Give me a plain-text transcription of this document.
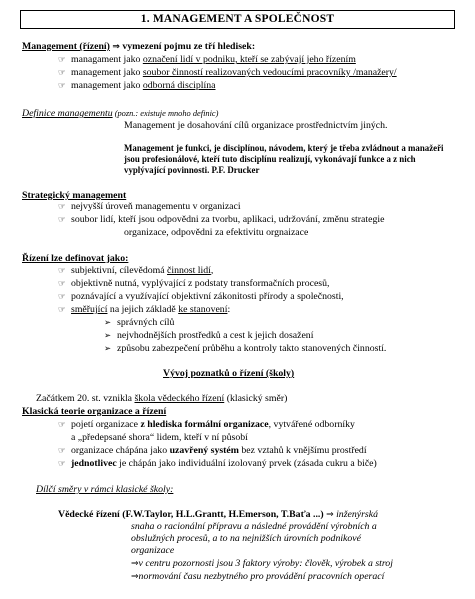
1. MANAGEMENT A SPOLEČNOST
Management (řízení) ⇒ vymezení pojmu ze tří hledisek:
☞ managament jako označení lidí v podniku, kteří se zabývají jeho řízením
☞ management jako soubor činností realizovaných vedoucími pracovníky /manažery/
☞ management jako odborná disciplína
Definice managementu (pozn.: existuje mnoho definic)
Management je dosahování cílů organizace prostřednictvím jiných.
Management je funkci, je disciplínou, návodem, který je třeba zvládnout a manažeři jsou profesionálové, kteří tuto disciplínu realizují, vykonávají funkce a z nich vyplývající povinnosti. P.F. Drucker
Strategický management
☞ nejvyšší úroveň managementu v organizaci
☞ soubor lidí, kteří jsou odpovědni za tvorbu, aplikaci, udržování, změnu strategie
organizace, odpovědni za efektivitu orgnaizace
Řízení lze definovat jako:
☞ subjektivní, cílevědomá činnost lidí,
☞ objektivně nutná, vyplývající z podstaty transformačních procesů,
☞ poznávající a využívající objektivní zákonitosti přírody a společnosti,
☞ směřující na jejich základě ke stanovení:
➢ správných cílů
➢ nejvhodnějších prostředků a cest k jejich dosažení
➢ způsobu zabezpečení průběhu a kontroly takto stanovených činností.
Vývoj poznatků o řízení (školy)
Začátkem 20. st. vznikla škola vědeckého řízení (klasický směr)
Klasická teorie organizace a řízení
☞ pojetí organizace z hlediska formální organizace, vytvářené odborníky
a „předepsané shora“ lidem, kteří v ní působí
☞ organizace chápána jako uzavřený systém bez vztahů k vnějšímu prostředí
☞ jednotlivec je chápán jako individuální izolovaný prvek (zásada cukru a biče)
Dílčí směry v rámci klasické školy:
Vědecké řízení (F.W.Taylor, H.L.Grantt, H.Emerson, T.Baťa ...) ⇒ inženýrská
snaha o racionální přípravu a následné provádění výrobních a
obslužných procesů, a to na nejnižších úrovních podnikové
organizace
⇒v centru pozornosti jsou 3 faktory výroby: člověk, výrobek a stroj
⇒normování času nezbytného pro provádění pracovních operací
